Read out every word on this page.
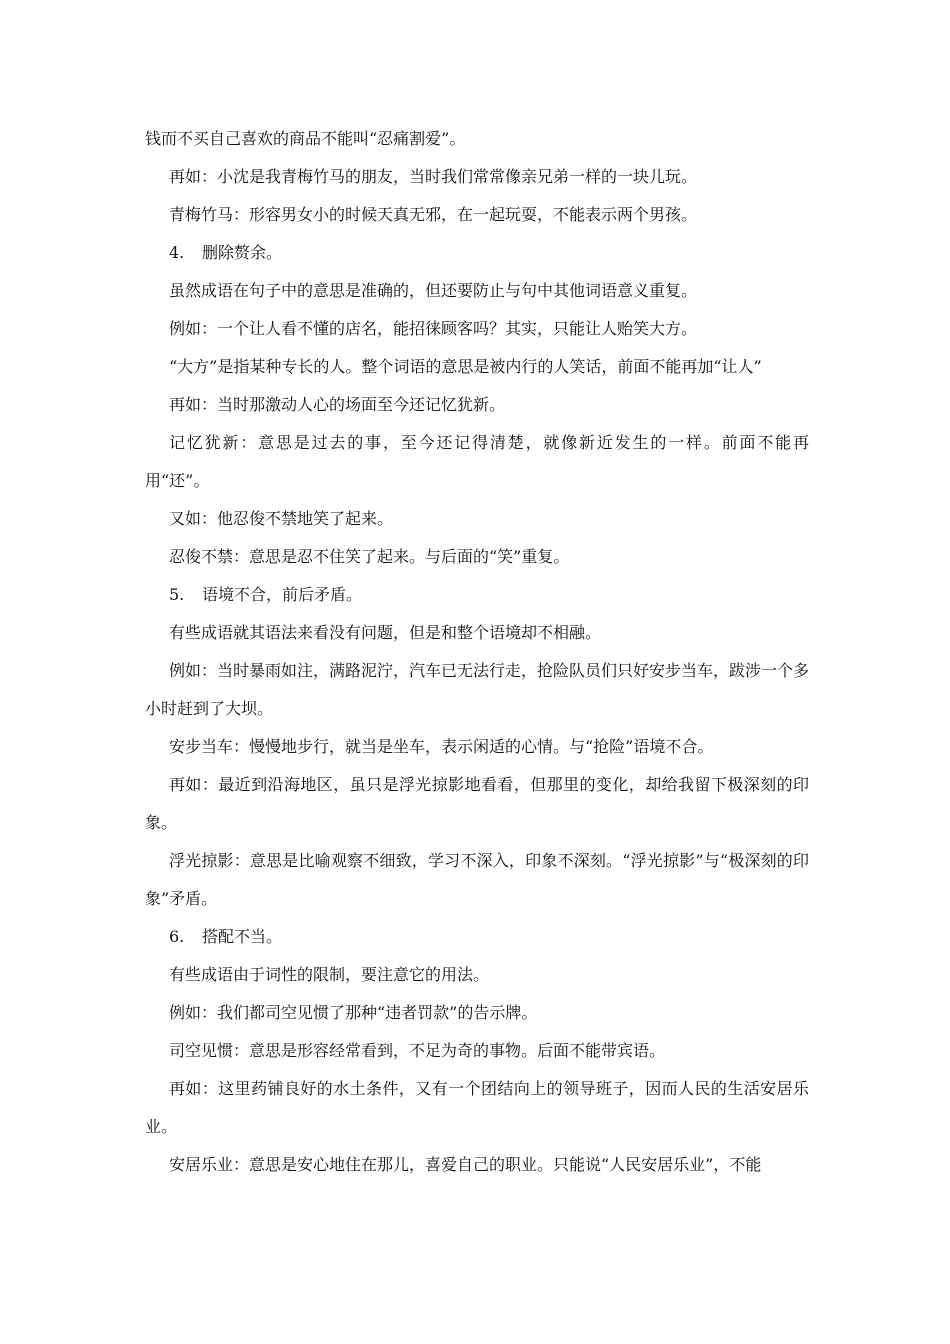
钱而不买自己喜欢的商品不能叫“忍痛割爱”。

再如：小沈是我青梅竹马的朋友，当时我们常常像亲兄弟一样的一块儿玩。

青梅竹马：形容男女小的时候天真无邪，在一起玩耍，不能表示两个男孩。

4. 删除赘余。

虽然成语在句子中的意思是准确的，但还要防止与句中其他词语意义重复。

例如：一个让人看不懂的店名，能招徕顾客吗？其实，只能让人贻笑大方。

“大方”是指某种专长的人。整个词语的意思是被内行的人笑话，前面不能再加“让人”

再如：当时那激动人心的场面至今还记忆犹新。

记忆犹新：意思是过去的事，至今还记得清楚，就像新近发生的一样。前面不能再用“还”。

又如：他忍俊不禁地笑了起来。

忍俊不禁：意思是忍不住笑了起来。与后面的“笑”重复。

5. 语境不合，前后矛盾。

有些成语就其语法来看没有问题，但是和整个语境却不相融。

例如：当时暴雨如注，满路泥泞，汽车已无法行走，抢险队员们只好安步当车，跋涉一个多小时赶到了大坝。

安步当车：慢慢地步行，就当是坐车，表示闲适的心情。与“抢险”语境不合。

再如：最近到沿海地区，虽只是浮光掠影地看看，但那里的变化，却给我留下极深刻的印象。

浮光掠影：意思是比喻观察不细致，学习不深入，印象不深刻。“浮光掠影”与“极深刻的印象”矛盾。

6. 搭配不当。

有些成语由于词性的限制，要注意它的用法。

例如：我们都司空见惯了那种“违者罚款”的告示牌。

司空见惯：意思是形容经常看到，不足为奇的事物。后面不能带宾语。

再如：这里药铺良好的水土条件，又有一个团结向上的领导班子，因而人民的生活安居乐业。

安居乐业：意思是安心地住在那儿，喜爱自己的职业。只能说“人民安居乐业”，不能
